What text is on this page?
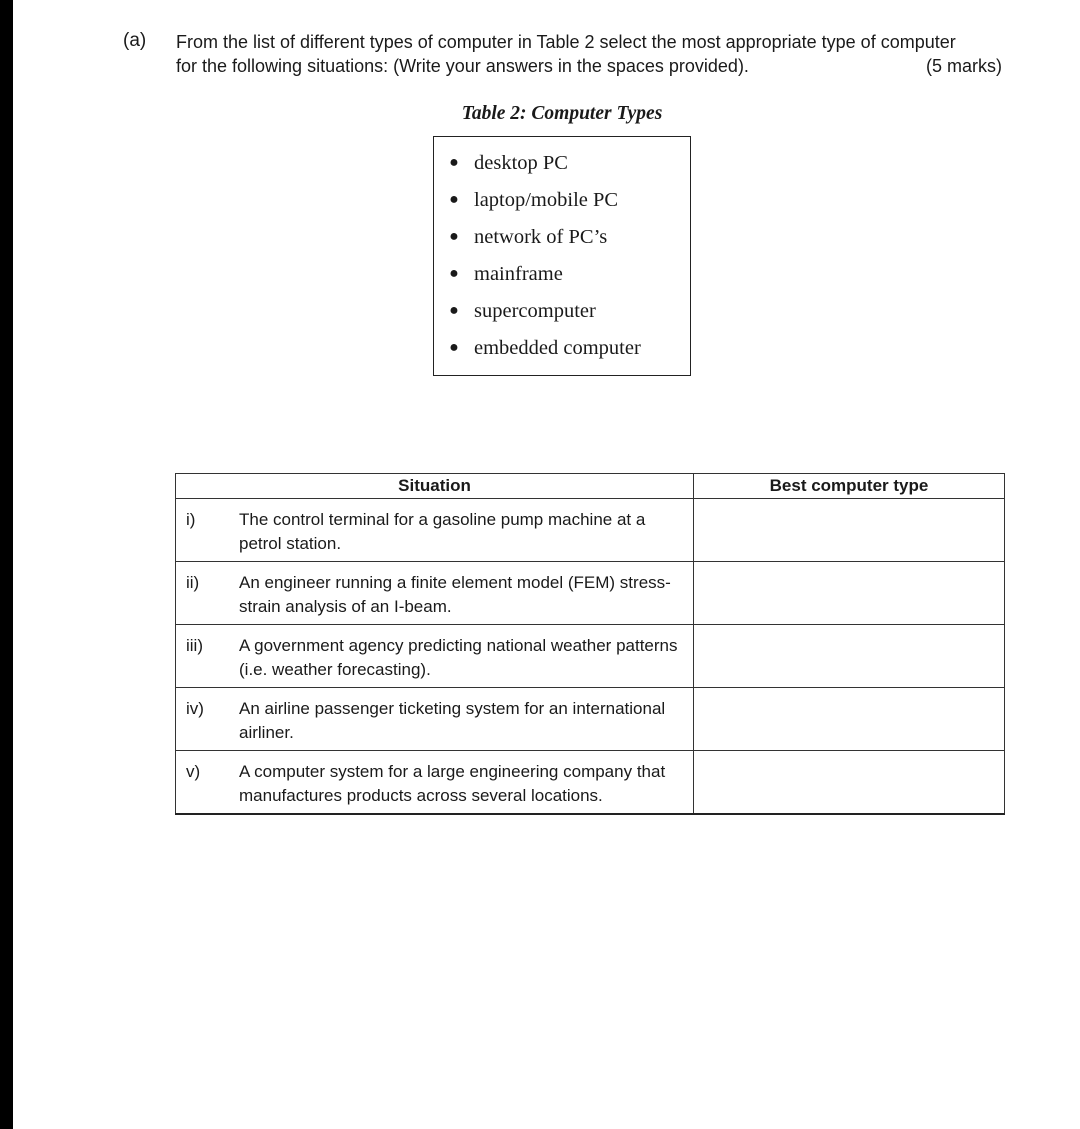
(a) From the list of different types of computer in Table 2 select the most appropriate type of computer
for the following situations: (Write your answers in the spaces provided).	(5 marks)
Table 2: Computer Types
● desktop PC
● laptop/mobile PC
● network of PC’s
● mainframe
● supercomputer
● embedded computer
Situation		Best computer type

i)	The control terminal for a gasoline pump machine at a petrol station.	

ii)	An engineer running a finite element model (FEM) stress-strain analysis of an I-beam.	

iii)	A government agency predicting national weather patterns (i.e. weather forecasting).	

iv)	An airline passenger ticketing system for an international airliner.	

v)	A computer system for a large engineering company that manufactures products across several locations.	
